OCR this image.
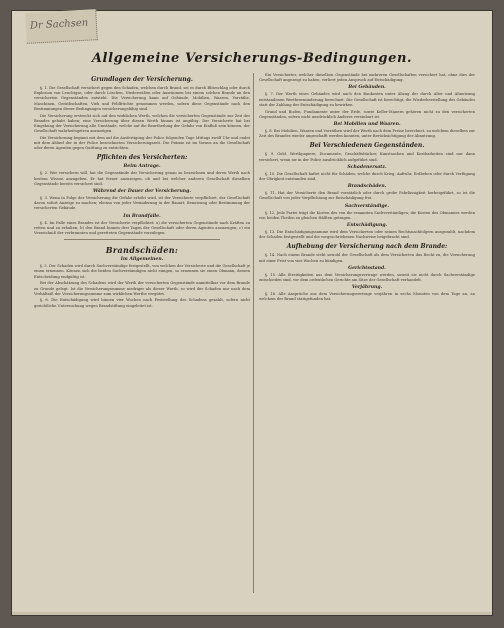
Dr Sachsen
Allgemeine Versicherungs-Bedingungen.
Grundlagen der Versicherung.

§. 1. Die Gesellschaft versichert gegen den Schaden, welchen durch Brand, sei es durch Blitzschlag oder durch Explosion von Leuchtgas, oder durch Löschen, Niederreißen oder Ausräumen bei einem solchen Brande an den versicherten Gegenständen entsteht. Die Versicherung kann auf Gebäude, Mobilien, Waaren, Vorräthe, Maschinen, Geräthschaften, Vieh und Feldfrüchte genommen werden, sofern diese Gegenstände nach den Bestimmungen dieser Bedingungen versicherungsfähig sind.

Die Versicherung erstreckt sich auf den wirklichen Werth, welchen die versicherten Gegenstände zur Zeit des Brandes gehabt haben; eine Versicherung über diesen Werth hinaus ist ungültig. Der Versicherte hat bei Eingehung der Versicherung alle Umstände, welche auf die Beurtheilung der Gefahr von Einfluß sein können, der Gesellschaft wahrheitsgetreu anzuzeigen.

Die Versicherung beginnt mit dem auf die Ausfertigung der Police folgenden Tage Mittags zwölf Uhr und endet mit dem Ablauf der in der Police bezeichneten Versicherungszeit. Die Prämie ist im Voraus an die Gesellschaft oder deren Agenten gegen Quittung zu entrichten.

Pflichten des Versicherten:
Beim Antrage.

§. 2. Wer versichern will, hat die Gegenstände der Versicherung genau zu bezeichnen und deren Werth nach bestem Wissen anzugeben. Er hat ferner anzuzeigen, ob und bei welcher anderen Gesellschaft dieselben Gegenstände bereits versichert sind.

Während der Dauer der Versicherung.

§. 3. Wenn in Folge der Versicherung die Gefahr erhöht wird, ist der Versicherte verpflichtet, der Gesellschaft davon sofort Anzeige zu machen; ebenso von jeder Veränderung in der Bauart, Benutzung oder Bestimmung der versicherten Gebäude.

Im Brandfalle.

§. 4. Im Falle eines Brandes ist der Versicherte verpflichtet: a) die versicherten Gegenstände nach Kräften zu retten und zu erhalten; b) den Brand binnen drei Tagen der Gesellschaft oder deren Agenten anzuzeigen; c) ein Verzeichniß der verbrannten und geretteten Gegenstände vorzulegen.

Brandschäden:
Im Allgemeinen.

§. 5. Der Schaden wird durch Sachverständige festgestellt, von welchen der Versicherte und die Gesellschaft je einen ernennen. Können sich die beiden Sachverständigen nicht einigen, so ernennen sie einen Obmann, dessen Entscheidung endgültig ist.

Bei der Abschätzung des Schadens wird der Werth der versicherten Gegenstände unmittelbar vor dem Brande zu Grunde gelegt. Ist die Versicherungssumme niedriger als dieser Werth, so wird der Schaden nur nach dem Verhältniß der Versicherungssumme zum wirklichen Werthe vergütet.

§. 6. Die Entschädigung wird binnen vier Wochen nach Feststellung des Schadens gezahlt, sofern nicht gerichtliche Untersuchung wegen Brandstiftung eingeleitet ist.

Ein Versicherter, welcher dieselben Gegenstände bei mehreren Gesellschaften versichert hat, ohne dies der Gesellschaft angezeigt zu haben, verliert jeden Anspruch auf Entschädigung.

Bei Gebäuden.

§. 7. Der Werth eines Gebäudes wird nach den Baukosten unter Abzug der durch Alter und Abnutzung entstandenen Werthverminderung berechnet. Die Gesellschaft ist berechtigt, die Wiederherstellung des Gebäudes statt der Zahlung der Entschädigung zu bewirken.

Grund und Boden, Fundamente unter der Erde, sowie Keller-Mauern gehören nicht zu den versicherten Gegenständen, sofern nicht ausdrücklich Anderes vereinbart ist.

Bei Mobilien und Waaren.

§. 8. Bei Mobilien, Waaren und Vorräthen wird der Werth nach dem Preise berechnet, zu welchem dieselben zur Zeit des Brandes wieder angeschafft werden konnten, unter Berücksichtigung der Abnutzung.

Bei Verschiedenen Gegenständen.

§. 9. Geld, Werthpapiere, Documente, Geschäftsbücher, Kunstsachen und Kostbarkeiten sind nur dann versichert, wenn sie in der Police ausdrücklich aufgeführt sind.

Schadenersatz.

§. 10. Die Gesellschaft haftet nicht für Schäden, welche durch Krieg, Aufruhr, Erdbeben oder durch Verfügung der Obrigkeit entstanden sind.

Brandschäden.

§. 11. Hat der Versicherte den Brand vorsätzlich oder durch grobe Fahrlässigkeit herbeigeführt, so ist die Gesellschaft von jeder Verpflichtung zur Entschädigung frei.

Sachverständige.

§. 12. Jede Partei trägt die Kosten des von ihr ernannten Sachverständigen; die Kosten des Obmannes werden von beiden Theilen zu gleichen Hälften getragen.

Entschädigung.

§. 13. Die Entschädigungssumme wird dem Versicherten oder seinen Rechtsnachfolgern ausgezahlt, nachdem der Schaden festgestellt und die vorgeschriebenen Nachweise beigebracht sind.

Aufhebung der Versicherung nach dem Brande:

§. 14. Nach einem Brande steht sowohl der Gesellschaft als dem Versicherten das Recht zu, die Versicherung mit einer Frist von vier Wochen zu kündigen.

Gerichtsstand.

§. 15. Alle Streitigkeiten aus dem Versicherungsvertrage werden, soweit sie nicht durch Sachverständige entschieden sind, vor dem ordentlichen Gerichte am Sitze der Gesellschaft verhandelt.

Verjährung.

§. 16. Alle Ansprüche aus dem Versicherungsvertrage verjähren in sechs Monaten von dem Tage an, an welchem der Brand stattgefunden hat.
